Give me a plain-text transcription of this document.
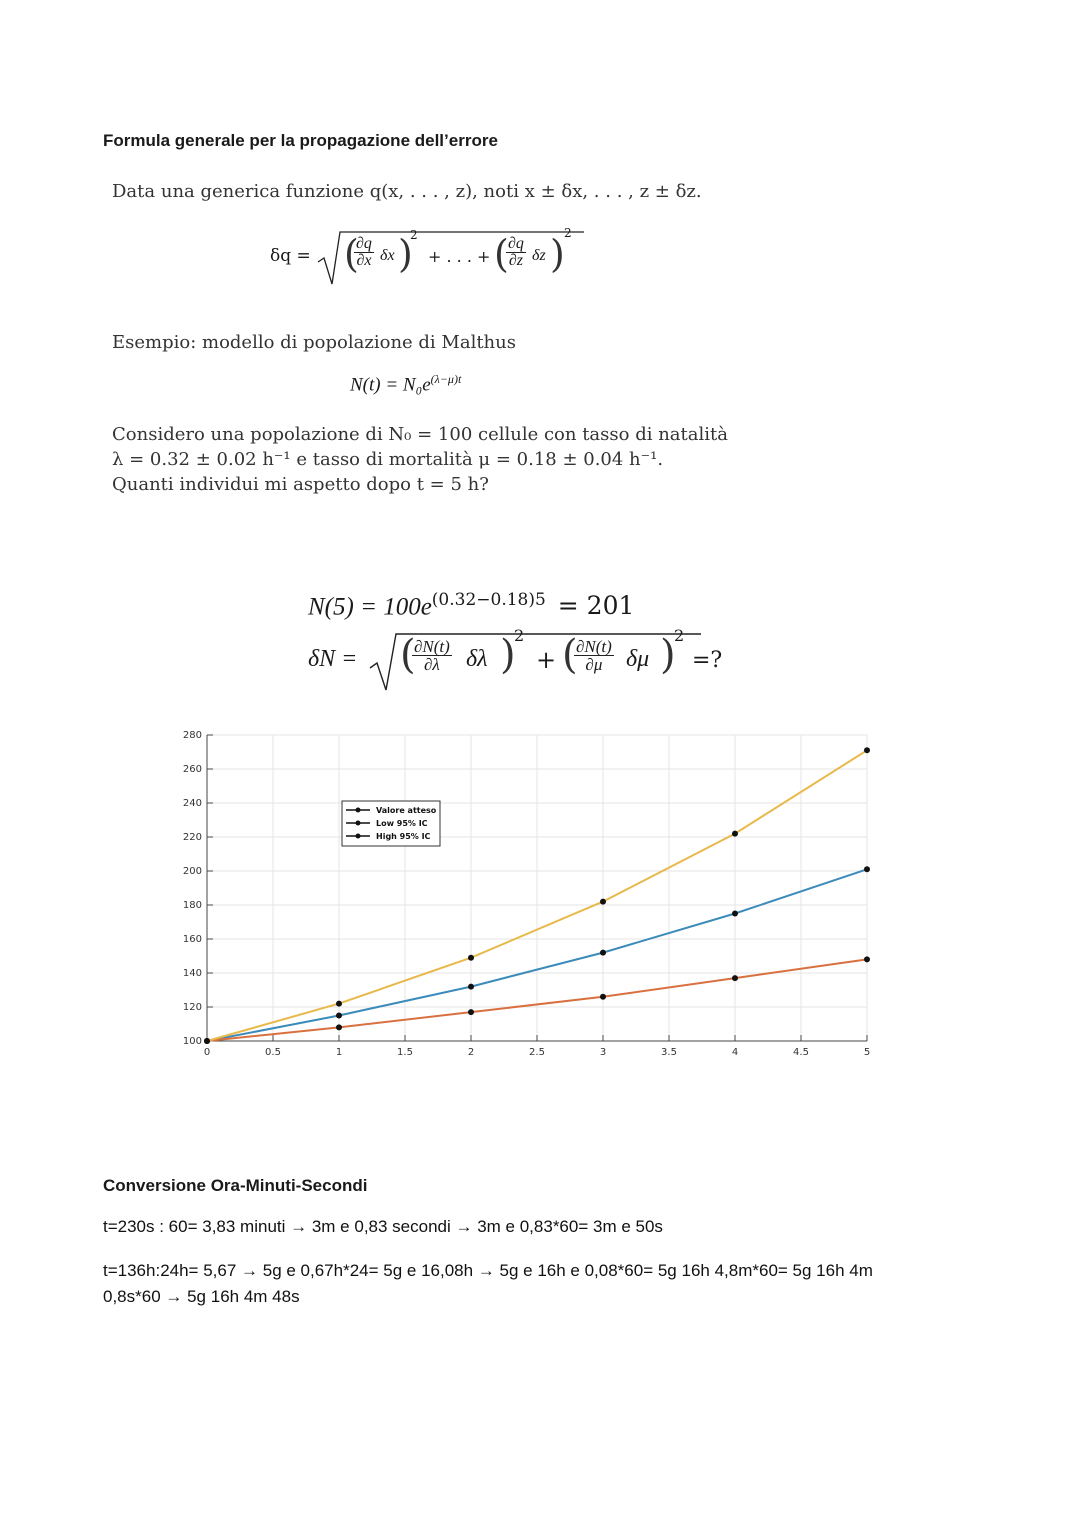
Formula generale per la propagazione dell’errore
Data una generica funzione q(x, . . . , z), noti x ± δx, . . . , z ± δz.
δq = (
$\frac{\partial q}{\partial x}$ δx )
2
+ . . . + (
$\frac{\partial q}{\partial z}$ δz ) 2
Esempio: modello di popolazione di Malthus
$N(t) = N_0e^{(\lambda-\mu)t}$
Considero una popolazione di N₀ = 100 cellule con tasso di natalità
λ = 0.32 ± 0.02 h⁻¹ e tasso di mortalità μ = 0.18 ± 0.04 h⁻¹.
Quanti individui mi aspetto dopo t = 5 h?
$N(5) = 100e^{(0.32-0.18)5} = 201$
δN = (
$\frac{\partial N(t)}{\partial\lambda}$ δλ )
2
+ (
$\frac{\partial N(t)}{\partial\mu}$ δμ )
2
=?
100
120
140
160
180
200
220
240
260
280
0	0.5	1	1.5	2	2.5	3	3.5	4	4.5	5
Valore atteso
Low 95% IC
High 95% IC
Conversione Ora-Minuti-Secondi
t=230s : 60= 3,83 minuti → 3m e 0,83 secondi → 3m e 0,83*60= 3m e 50s
t=136h:24h= 5,67 → 5g e 0,67h*24= 5g e 16,08h → 5g e 16h e 0,08*60= 5g 16h 4,8m*60= 5g 16h 4m
0,8s*60 → 5g 16h 4m 48s
